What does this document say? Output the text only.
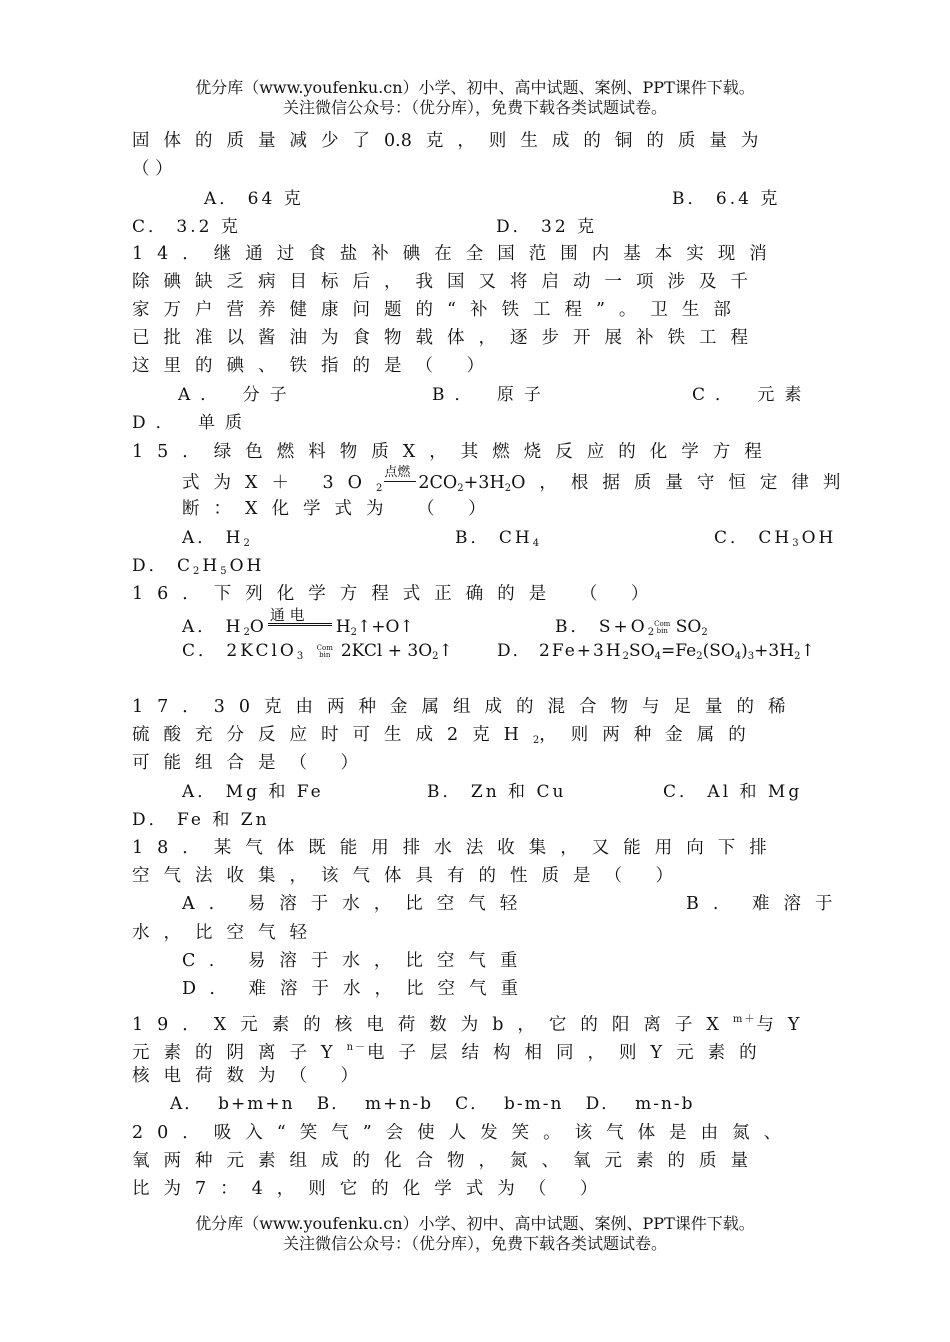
优分库（www.youfenku.cn）小学、初中、高中试题、案例、PPT课件下载。
关注微信公众号：（优分库），免费下载各类试题试卷。
固体的质量减少了0.8 克，则生成的铜的质量为
（ ）
A． 64 克	B． 6.4 克
C． 3.2 克	D． 32 克
14．继通过食盐补碘在全国范围内基本实现消
除碘缺乏病目标后，我国又将启动一项涉及千
家万户营养健康问题的“补铁工程”。卫生部
已批准以酱油为食物载体，逐步开展补铁工程
这里的碘、铁指的是（ ）
A． 分子	B． 原子	C． 元素
D． 单质
15．绿色燃料物质X，其燃烧反应的化学方程
式为$X+ 3O_2$
点燃
$2CO_2+3H_2O$，根据质量守恒定律判
断：X化学式为 （ ）
A． $H_2$	B． $CH_4$	C． $CH_3OH$
D． $C_2H_5OH$
16．下列化学方程式正确的是 （ ）
A． $H_2O$
通 电
$H_2↑+O↑$	B． $S+O_2Com$
bin $SO_2$
C． 2KClO$_3$ Com
bin $2KCl + 3O_2↑$	D． $2Fe+3H_2SO_4=Fe_2(SO_4)_3+3H_2↑$
17．30克由两种金属组成的混合物与足量的稀
硫酸充分反应时可生成2克$H_2$，则两种金属的
可能组合是（ ）
A． Mg 和 Fe	B． Zn 和 Cu	C． Al 和 Mg
D． Fe 和 Zn
18．某气体既能用排水法收集，又能用向下排
空气法收集，该气体具有的性质是（ ）
A. 易溶于水，比空气轻	B. 难溶于
水，比空气轻
C. 易溶于水，比空气重
D. 难溶于水，比空气重
19．X元素的核电荷数为b，它的阳离子$X^{m+}$与Y
元素的阴离子$Y^{n-}$电子层结构相同，则Y元素的
核电荷数为（ ）
A．  b+m+n   B．  m+n-b   C．  b-m-n   D．  m-n-b
20．吸入“笑气”会使人发笑。该气体是由氮、
氧两种元素组成的化合物，氮、氧元素的质量
比为7：4，则它的化学式为（ ）
优分库（www.youfenku.cn）小学、初中、高中试题、案例、PPT课件下载。
关注微信公众号：（优分库），免费下载各类试题试卷。
